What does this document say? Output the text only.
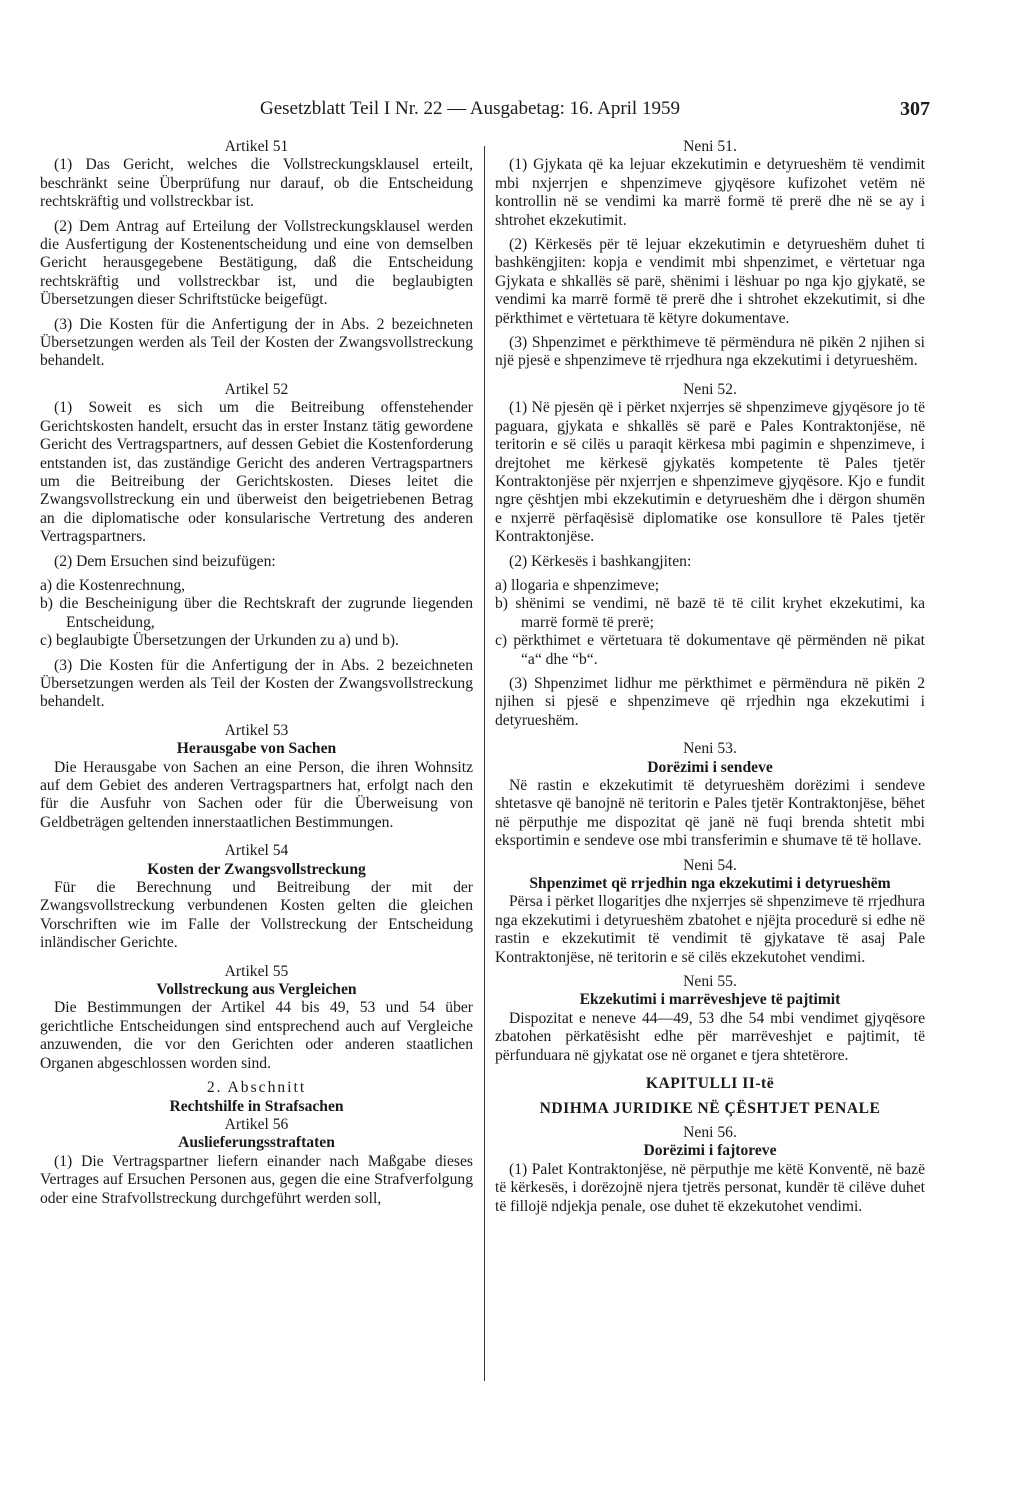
Gesetzblatt Teil I Nr. 22 — Ausgabetag: 16. April 1959	307
Artikel 51

(1) Das Gericht, welches die Vollstreckungsklausel erteilt, beschränkt seine Überprüfung nur darauf, ob die Entscheidung rechtskräftig und vollstreckbar ist.

(2) Dem Antrag auf Erteilung der Vollstreckungsklausel werden die Ausfertigung der Kostenentscheidung und eine von demselben Gericht herausgegebene Bestätigung, daß die Entscheidung rechtskräftig und vollstreckbar ist, und die beglaubigten Übersetzungen dieser Schriftstücke beigefügt.

(3) Die Kosten für die Anfertigung der in Abs. 2 bezeichneten Übersetzungen werden als Teil der Kosten der Zwangsvollstreckung behandelt.

Artikel 52

(1) Soweit es sich um die Beitreibung offenstehender Gerichtskosten handelt, ersucht das in erster Instanz tätig gewordene Gericht des Vertragspartners, auf dessen Gebiet die Kostenforderung entstanden ist, das zuständige Gericht des anderen Vertragspartners um die Beitreibung der Gerichtskosten. Dieses leitet die Zwangsvollstreckung ein und überweist den beigetriebenen Betrag an die diplomatische oder konsularische Vertretung des anderen Vertragspartners.

(2) Dem Ersuchen sind beizufügen:

a) die Kostenrechnung,

b) die Bescheinigung über die Rechtskraft der zugrunde liegenden Entscheidung,

c) beglaubigte Übersetzungen der Urkunden zu a) und b).

(3) Die Kosten für die Anfertigung der in Abs. 2 bezeichneten Übersetzungen werden als Teil der Kosten der Zwangsvollstreckung behandelt.

Artikel 53
Herausgabe von Sachen

Die Herausgabe von Sachen an eine Person, die ihren Wohnsitz auf dem Gebiet des anderen Vertragspartners hat, erfolgt nach den für die Ausfuhr von Sachen oder für die Überweisung von Geldbeträgen geltenden innerstaatlichen Bestimmungen.

Artikel 54
Kosten der Zwangsvollstreckung

Für die Berechnung und Beitreibung der mit der Zwangsvollstreckung verbundenen Kosten gelten die gleichen Vorschriften wie im Falle der Vollstreckung der Entscheidung inländischer Gerichte.

Artikel 55
Vollstreckung aus Vergleichen

Die Bestimmungen der Artikel 44 bis 49, 53 und 54 über gerichtliche Entscheidungen sind entsprechend auch auf Vergleiche anzuwenden, die vor den Gerichten oder anderen staatlichen Organen abgeschlossen worden sind.

2. Abschnitt
Rechtshilfe in Strafsachen
Artikel 56
Auslieferungsstraftaten

(1) Die Vertragspartner liefern einander nach Maßgabe dieses Vertrages auf Ersuchen Personen aus, gegen die eine Strafverfolgung oder eine Strafvollstreckung durchgeführt werden soll,

Neni 51.

(1) Gjykata që ka lejuar ekzekutimin e detyrueshëm të vendimit mbi nxjerrjen e shpenzimeve gjyqësore kufizohet vetëm në kontrollin në se vendimi ka marrë formë të prerë dhe në se ay i shtrohet ekzekutimit.

(2) Kërkesës për të lejuar ekzekutimin e detyrueshëm duhet ti bashkëngjiten: kopja e vendimit mbi shpenzimet, e vërtetuar nga Gjykata e shkallës së parë, shënimi i lëshuar po nga kjo gjykatë, se vendimi ka marrë formë të prerë dhe i shtrohet ekzekutimit, si dhe përkthimet e vërtetuara të këtyre dokumentave.

(3) Shpenzimet e përkthimeve të përmëndura në pikën 2 njihen si një pjesë e shpenzimeve të rrjedhura nga ekzekutimi i detyrueshëm.

Neni 52.

(1) Në pjesën që i përket nxjerrjes së shpenzimeve gjyqësore jo të paguara, gjykata e shkallës së parë e Pales Kontraktonjëse, në teritorin e së cilës u paraqit kërkesa mbi pagimin e shpenzimeve, i drejtohet me kërkesë gjykatës kompetente të Pales tjetër Kontraktonjëse për nxjerrjen e shpenzimeve gjyqësore. Kjo e fundit ngre çështjen mbi ekzekutimin e detyrueshëm dhe i dërgon shumën e nxjerrë përfaqësisë diplomatike ose konsullore të Pales tjetër Kontraktonjëse.

(2) Kërkesës i bashkangjiten:

a) llogaria e shpenzimeve;

b) shënimi se vendimi, në bazë të të cilit kryhet ekzekutimi, ka marrë formë të prerë;

c) përkthimet e vërtetuara të dokumentave që përmënden në pikat “a“ dhe “b“.

(3) Shpenzimet lidhur me përkthimet e përmëndura në pikën 2 njihen si pjesë e shpenzimeve që rrjedhin nga ekzekutimi i detyrueshëm.

Neni 53.
Dorëzimi i sendeve

Në rastin e ekzekutimit të detyrueshëm dorëzimi i sendeve shtetasve që banojnë në teritorin e Pales tjetër Kontraktonjëse, bëhet në përputhje me dispozitat që janë në fuqi brenda shtetit mbi eksportimin e sendeve ose mbi transferimin e shumave të të hollave.

Neni 54.
Shpenzimet që rrjedhin nga ekzekutimi i detyrueshëm

Përsa i përket llogaritjes dhe nxjerrjes së shpenzimeve të rrjedhura nga ekzekutimi i detyrueshëm zbatohet e njëjta procedurë si edhe në rastin e ekzekutimit të vendimit të gjykatave të asaj Pale Kontraktonjëse, në teritorin e së cilës ekzekutohet vendimi.

Neni 55.
Ekzekutimi i marrëveshjeve të pajtimit

Dispozitat e neneve 44—49, 53 dhe 54 mbi vendimet gjyqësore zbatohen përkatësisht edhe për marrëveshjet e pajtimit, të përfunduara në gjykatat ose në organet e tjera shtetërore.

KAPITULLI II-të
NDIHMA JURIDIKE NË ÇËSHTJET PENALE
Neni 56.
Dorëzimi i fajtoreve

(1) Palet Kontraktonjëse, në përputhje me këtë Konventë, në bazë të kërkesës, i dorëzojnë njera tjetrës personat, kundër të cilëve duhet të fillojë ndjekja penale, ose duhet të ekzekutohet vendimi.
